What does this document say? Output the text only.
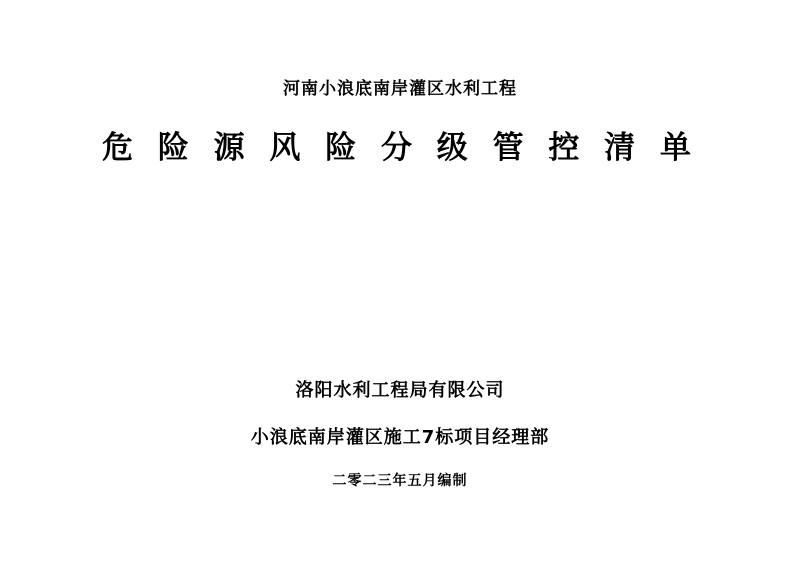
河南小浪底南岸灌区水利工程
危 险 源 风 险 分 级 管 控 清 单
洛阳水利工程局有限公司
小浪底南岸灌区施工7标项目经理部
二零二三年五月编制
